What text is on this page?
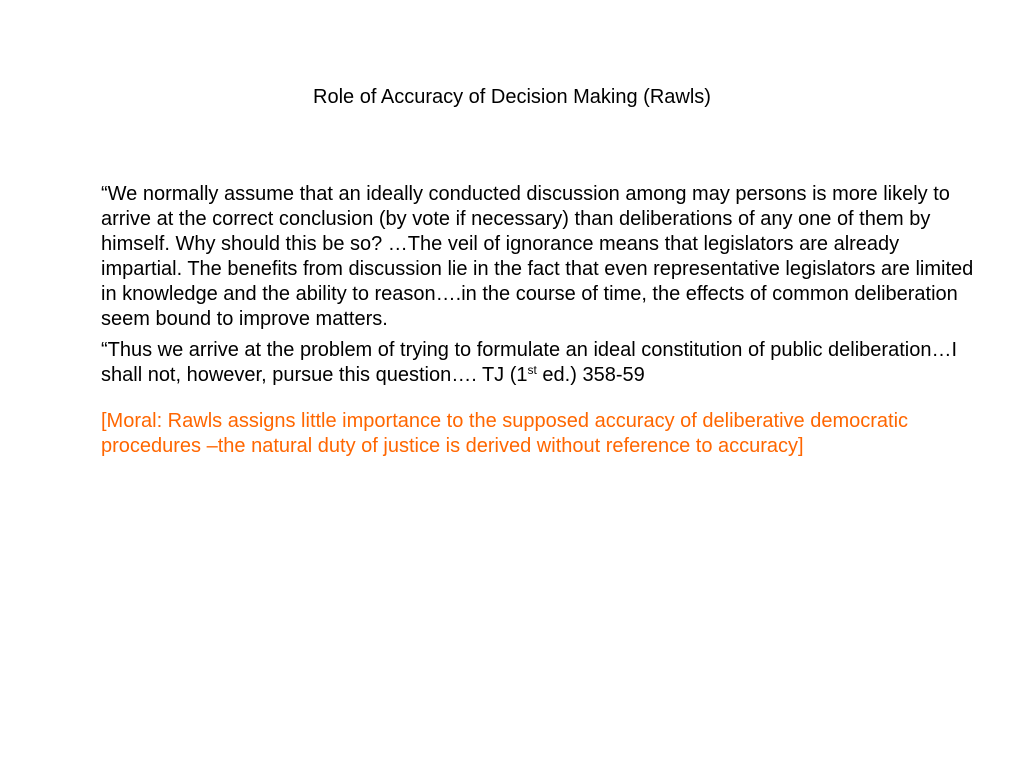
Role of Accuracy of Decision Making (Rawls)

“We normally assume that an ideally conducted discussion among may persons is more likely to arrive at the correct conclusion (by vote if necessary) than deliberations of any one of them by himself. Why should this be so? …The veil of ignorance means that legislators are already impartial. The benefits from discussion lie in the fact that even representative legislators are limited in knowledge and the ability to reason….in the course of time, the effects of common deliberation seem bound to improve matters.

“Thus we arrive at the problem of trying to formulate an ideal constitution of public deliberation…I shall not, however, pursue this question…. TJ (1st ed.) 358-59

[Moral: Rawls assigns little importance to the supposed accuracy of deliberative democratic procedures –the natural duty of justice is derived without reference to accuracy]
